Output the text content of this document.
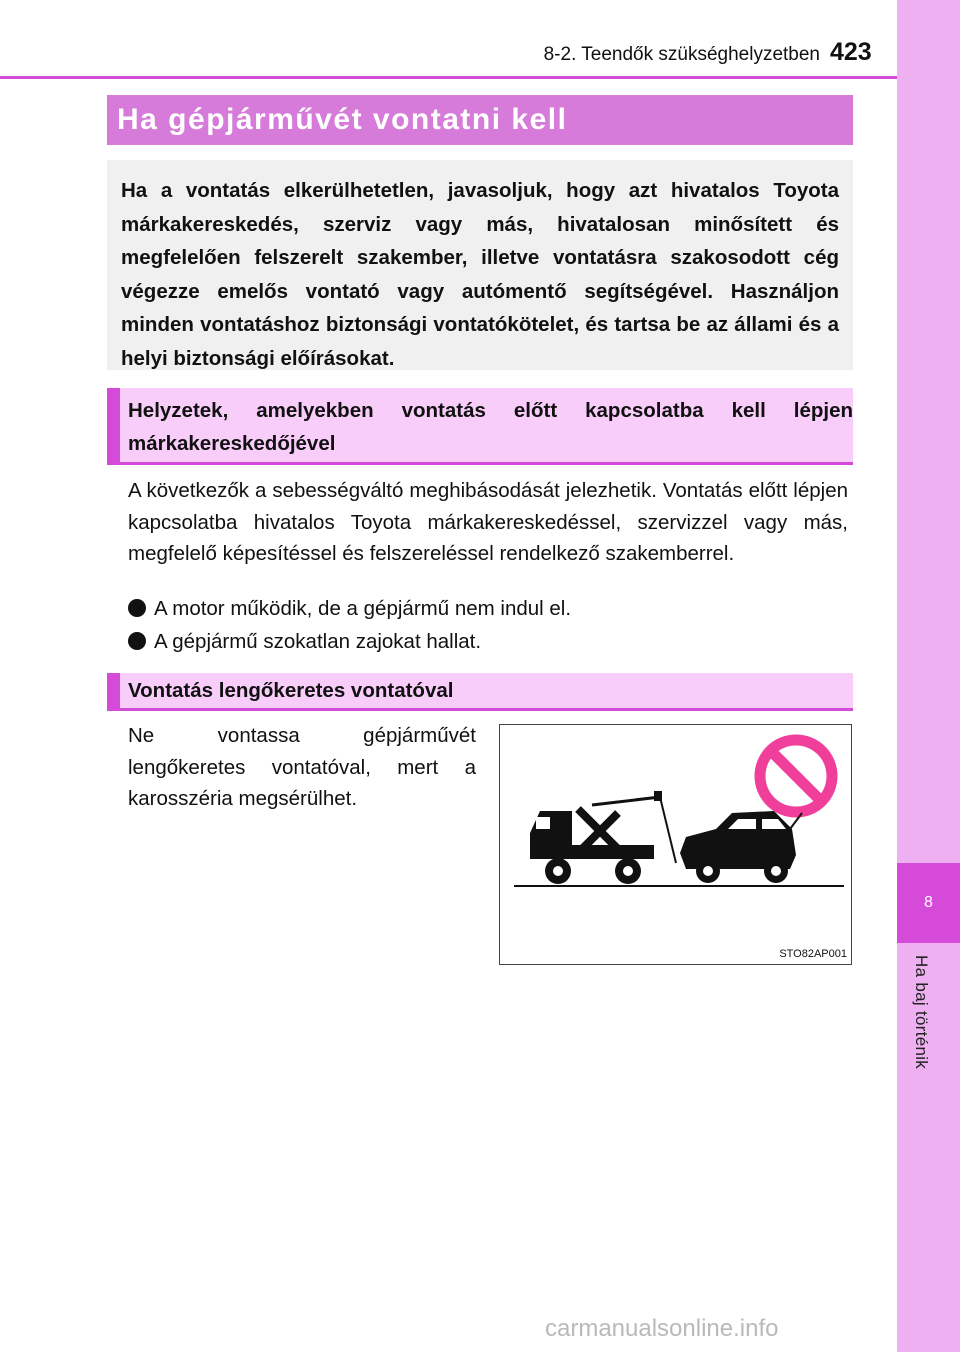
8
Ha baj történik
8-2. Teendők szükséghelyzetben 423
Ha gépjárművét vontatni kell

Ha a vontatás elkerülhetetlen, javasoljuk, hogy azt hivatalos Toyota márkakereskedés, szerviz vagy más, hivatalosan minősített és megfelelően felszerelt szakember, illetve vontatásra szakosodott cég végezze emelős vontató vagy autómentő segítségével. Használjon minden vontatáshoz biztonsági vontatókötelet, és tartsa be az állami és a helyi biztonsági előírásokat.

Helyzetek, amelyekben vontatás előtt kapcsolatba kell lépjen márkakereskedőjével

A következők a sebességváltó meghibásodását jelezhetik. Vontatás előtt lépjen kapcsolatba hivatalos Toyota márkakereskedéssel, szervizzel vagy más, megfelelő képesítéssel és felszereléssel rendelkező szakemberrel.

A motor működik, de a gépjármű nem indul el.
A gépjármű szokatlan zajokat hallat.
Vontatás lengőkeretes vontatóval

Ne vontassa gépjárművét lengőkeretes vontatóval, mert a karosszéria megsérülhet.

STO82AP001
carmanualsonline.info
